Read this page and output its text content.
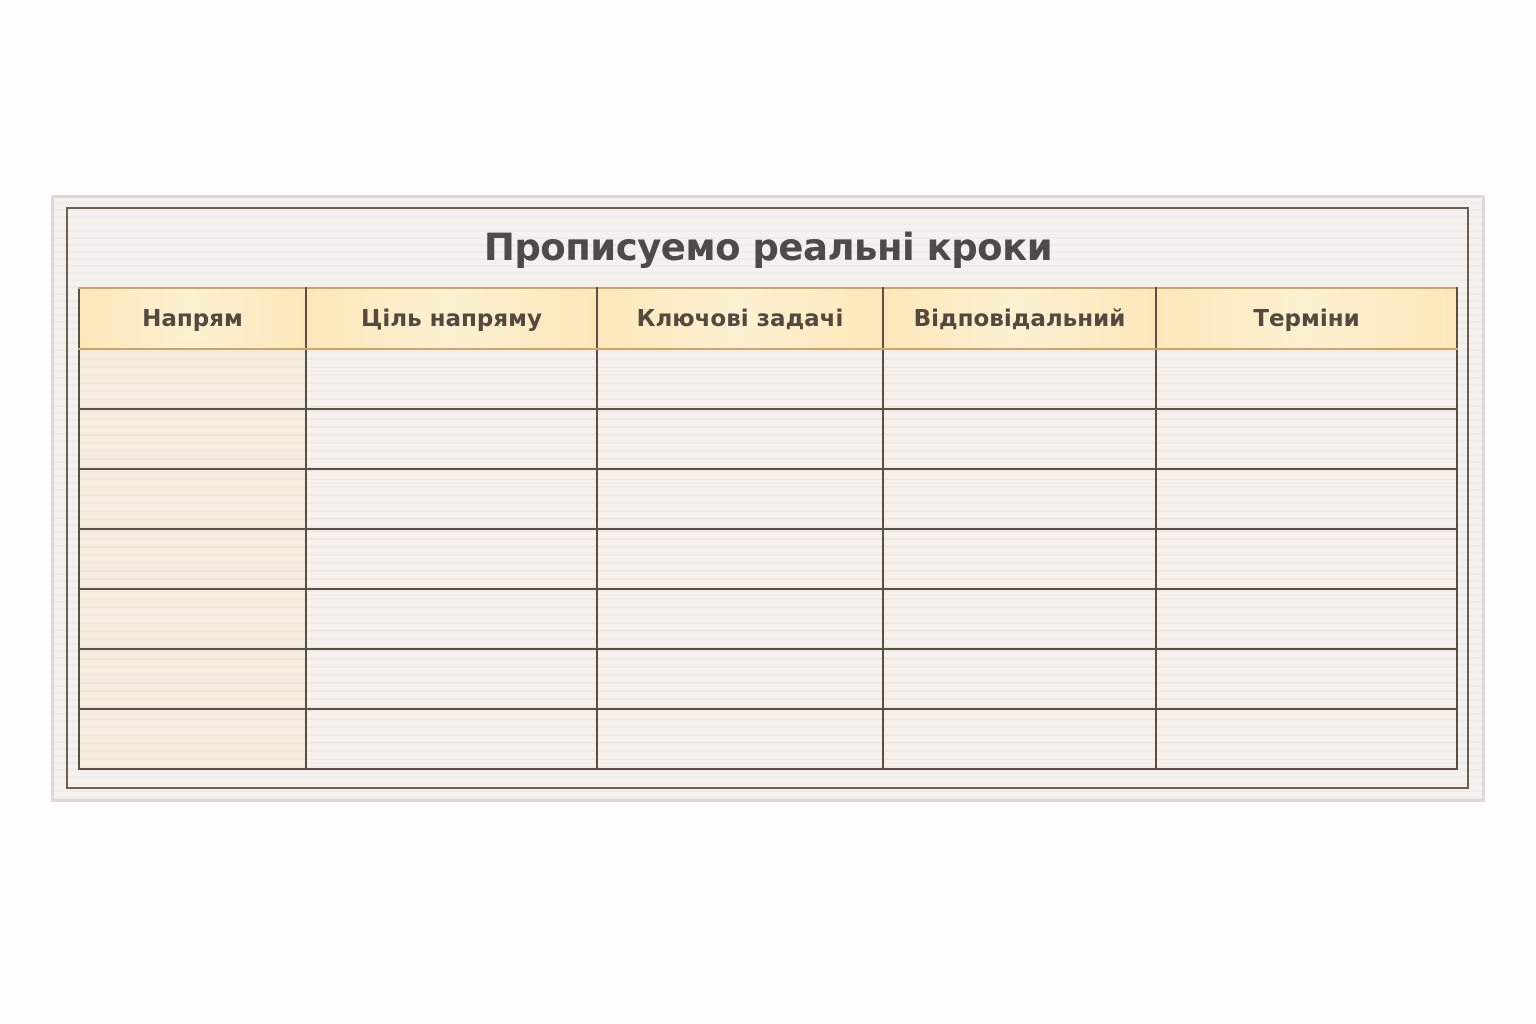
Прописуемо реальні кроки
Напрям	Ціль напряму	Ключові задачі	Відповідальний	Терміни
